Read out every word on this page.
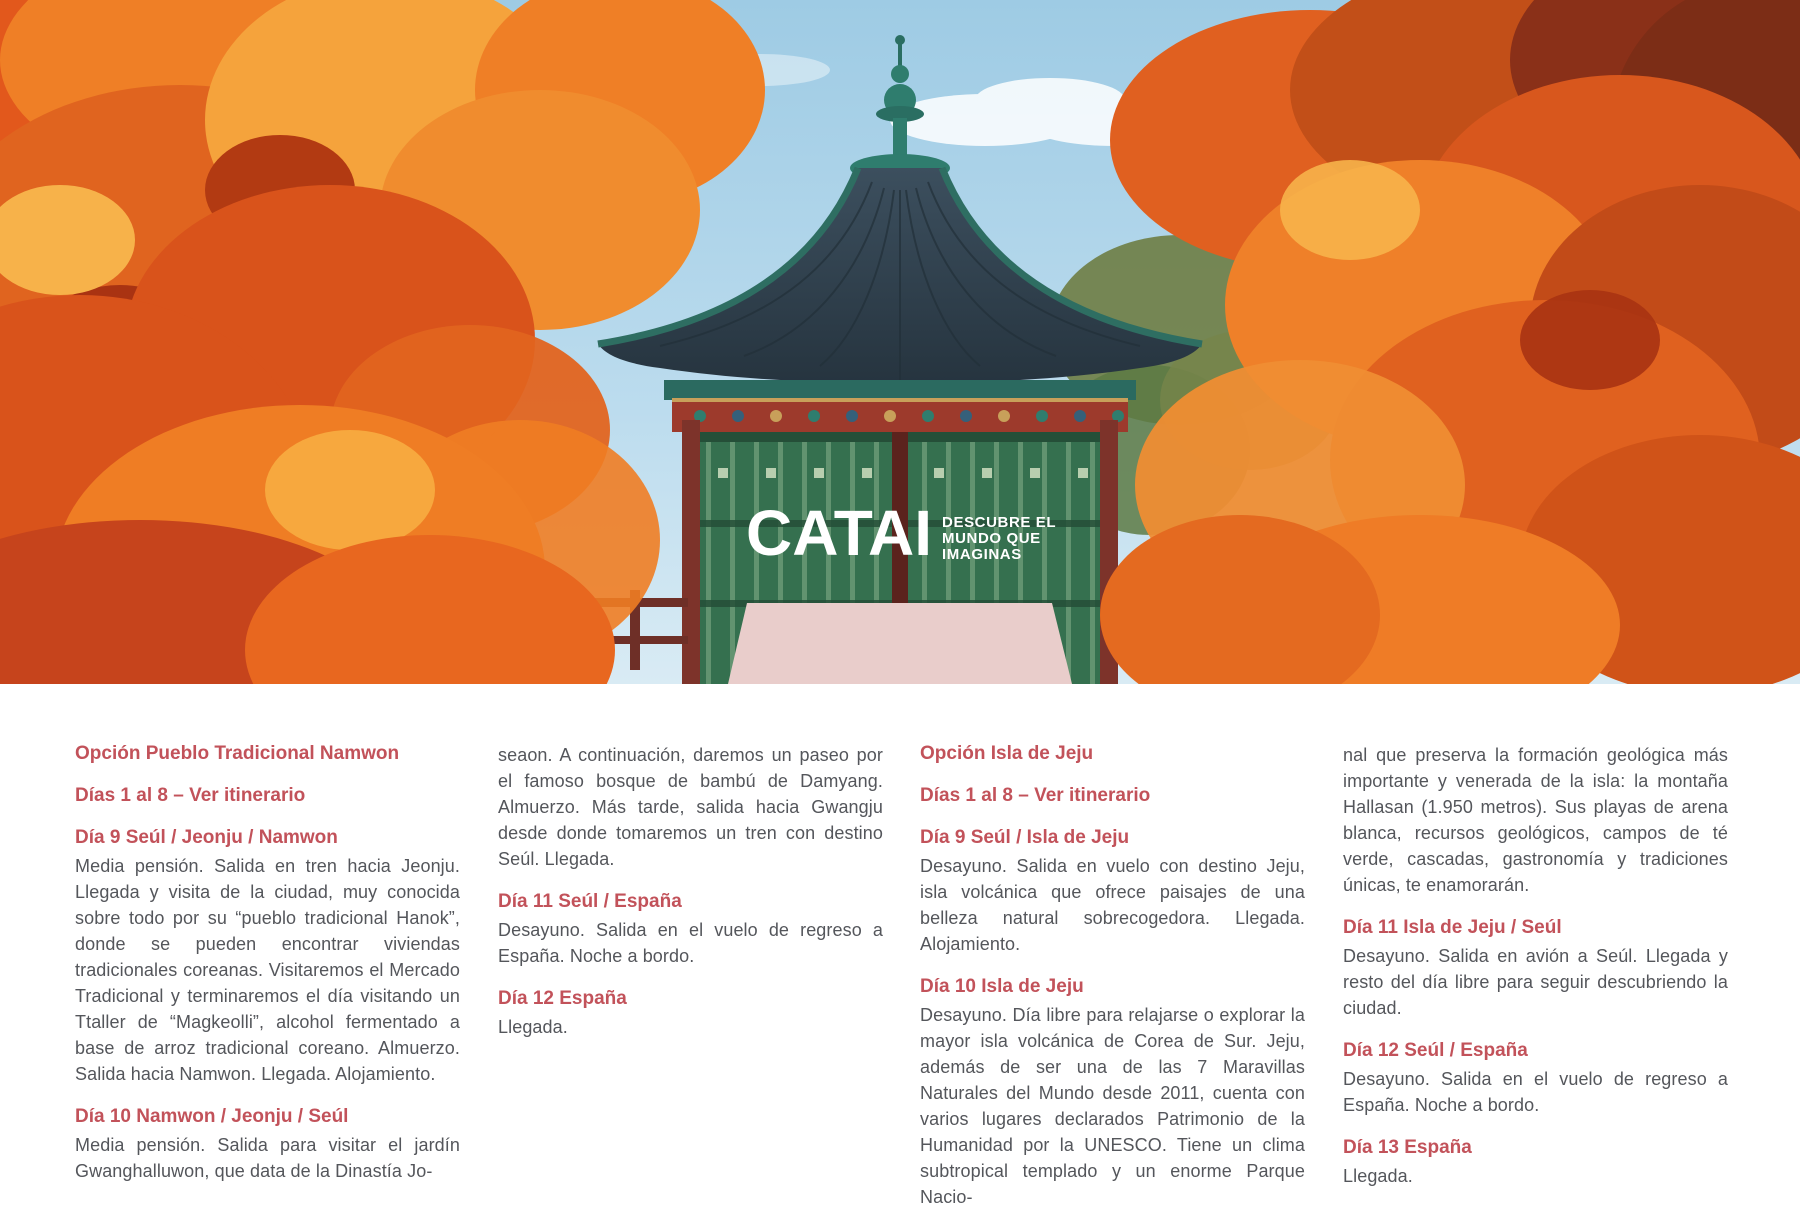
CATAI DESCUBRE EL
MUNDO QUE
IMAGINAS
Opción Pueblo Tradicional Namwon
Días 1 al 8 – Ver itinerario
Día 9 Seúl / Jeonju / Namwon

Media pensión. Salida en tren hacia Jeonju. Llegada y visita de la ciudad, muy conocida sobre todo por su “pueblo tradicional Hanok”, donde se pueden encontrar viviendas tradicionales coreanas. Visitaremos el Mercado Tradicional y terminaremos el día visitando un Ttaller de “Magkeolli”, alcohol fermentado a base de arroz tradicional coreano. Almuerzo. Salida hacia Namwon. Llegada. Alojamiento.

Día 10 Namwon / Jeonju / Seúl

Media pensión. Salida para visitar el jardín Gwanghalluwon, que data de la Dinastía Jo-

seaon. A continuación, daremos un paseo por el famoso bosque de bambú de Damyang. Almuerzo. Más tarde, salida hacia Gwangju desde donde tomaremos un tren con destino Seúl. Llegada.

Día 11 Seúl / España

Desayuno. Salida en el vuelo de regreso a España. Noche a bordo.

Día 12 España

Llegada.

Opción Isla de Jeju
Días 1 al 8 – Ver itinerario
Día 9 Seúl / Isla de Jeju

Desayuno. Salida en vuelo con destino Jeju, isla volcánica que ofrece paisajes de una belleza natural sobrecogedora. Llegada. Alojamiento.

Día 10 Isla de Jeju

Desayuno. Día libre para relajarse o explorar la mayor isla volcánica de Corea de Sur. Jeju, además de ser una de las 7 Maravillas Naturales del Mundo desde 2011, cuenta con varios lugares declarados Patrimonio de la Humanidad por la UNESCO. Tiene un clima subtropical templado y un enorme Parque Nacio-

nal que preserva la formación geológica más importante y venerada de la isla: la montaña Hallasan (1.950 metros). Sus playas de arena blanca, recursos geológicos, campos de té verde, cascadas, gastronomía y tradiciones únicas, te enamorarán.

Día 11 Isla de Jeju / Seúl

Desayuno. Salida en avión a Seúl. Llegada y resto del día libre para seguir descubriendo la ciudad.

Día 12 Seúl / España

Desayuno. Salida en el vuelo de regreso a España. Noche a bordo.

Día 13 España

Llegada.
